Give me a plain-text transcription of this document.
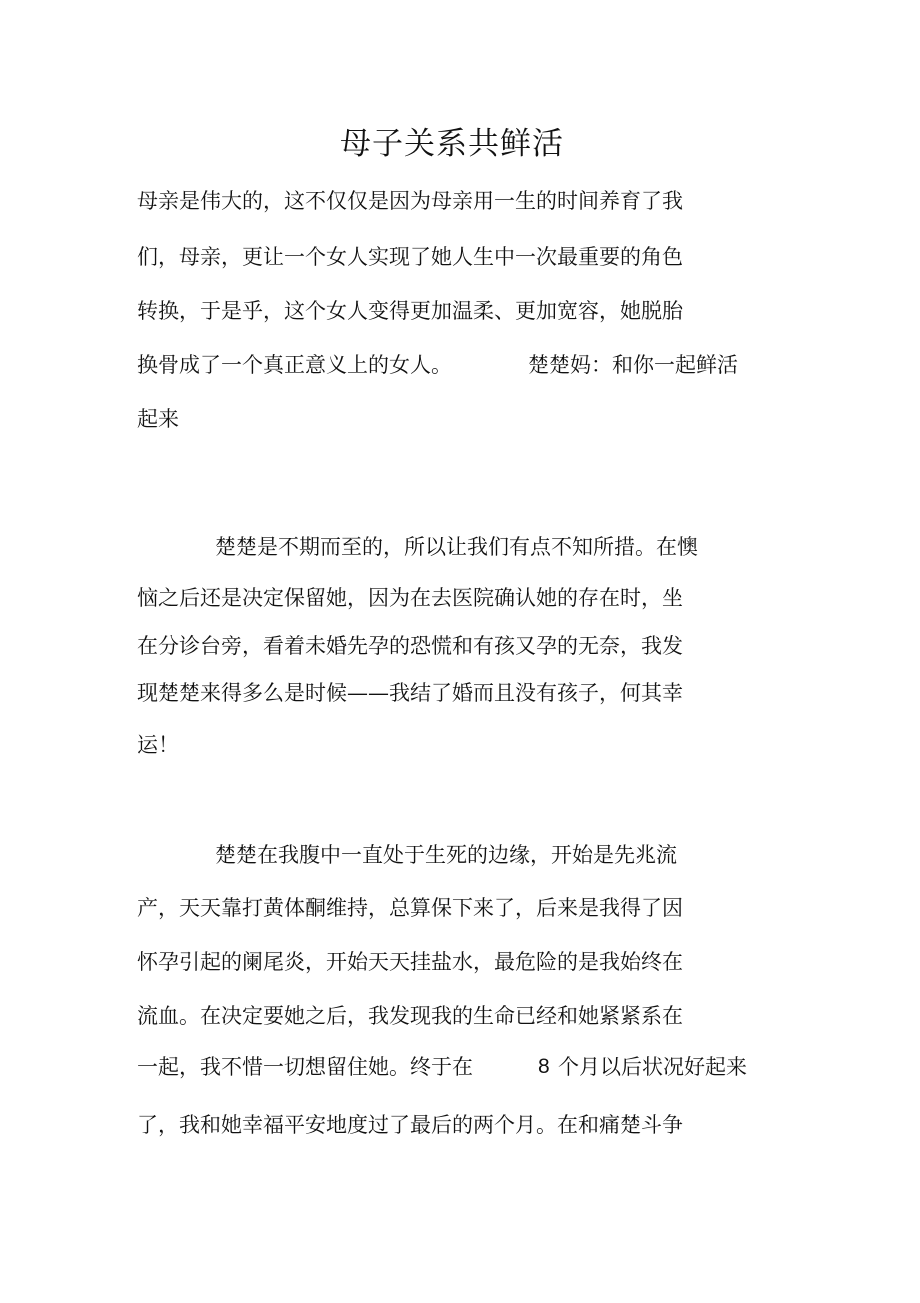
母子关系共鲜活

母亲是伟大的，这不仅仅是因为母亲用一生的时间养育了我

们，母亲，更让一个女人实现了她人生中一次最重要的角色

转换，于是乎，这个女人变得更加温柔、更加宽容，她脱胎

换骨成了一个真正意义上的女人。	楚楚妈：和你一起鲜活

起来

楚楚是不期而至的，所以让我们有点不知所措。在懊

恼之后还是决定保留她，因为在去医院确认她的存在时，坐

在分诊台旁，看着未婚先孕的恐慌和有孩又孕的无奈，我发

现楚楚来得多么是时候——我结了婚而且没有孩子，何其幸

运！

楚楚在我腹中一直处于生死的边缘，开始是先兆流

产，天天靠打黄体酮维持，总算保下来了，后来是我得了因

怀孕引起的阑尾炎，开始天天挂盐水，最危险的是我始终在

流血。在决定要她之后，我发现我的生命已经和她紧紧系在

一起，我不惜一切想留住她。终于在	8 个月以后状况好起来

了，我和她幸福平安地度过了最后的两个月。在和痛楚斗争
